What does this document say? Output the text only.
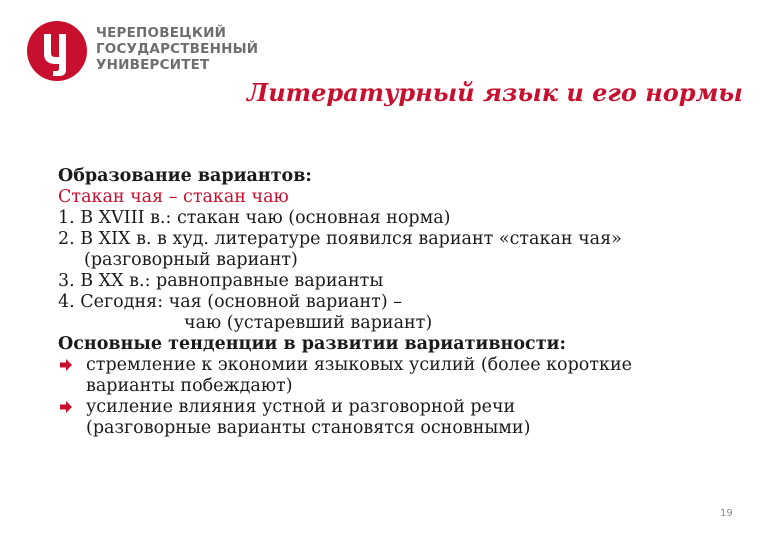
ЧЕРЕПОВЕЦКИЙ
ГОСУДАРСТВЕННЫЙ
УНИВЕРСИТЕТ
Литературный язык и его нормы
Образование вариантов:
Стакан чая – стакан чаю
1. В XVIII в.: стакан чаю (основная норма)
2. В XIX в. в худ. литературе появился вариант «стакан чая»
(разговорный вариант)
3. В XX в.: равноправные варианты
4. Сегодня: чая (основной вариант) –
чаю (устаревший вариант)
Основные тенденции в развитии вариативности:
стремление к экономии языковых усилий (более короткие
варианты побеждают)
усиление влияния устной и разговорной речи
(разговорные варианты становятся основными)
19
